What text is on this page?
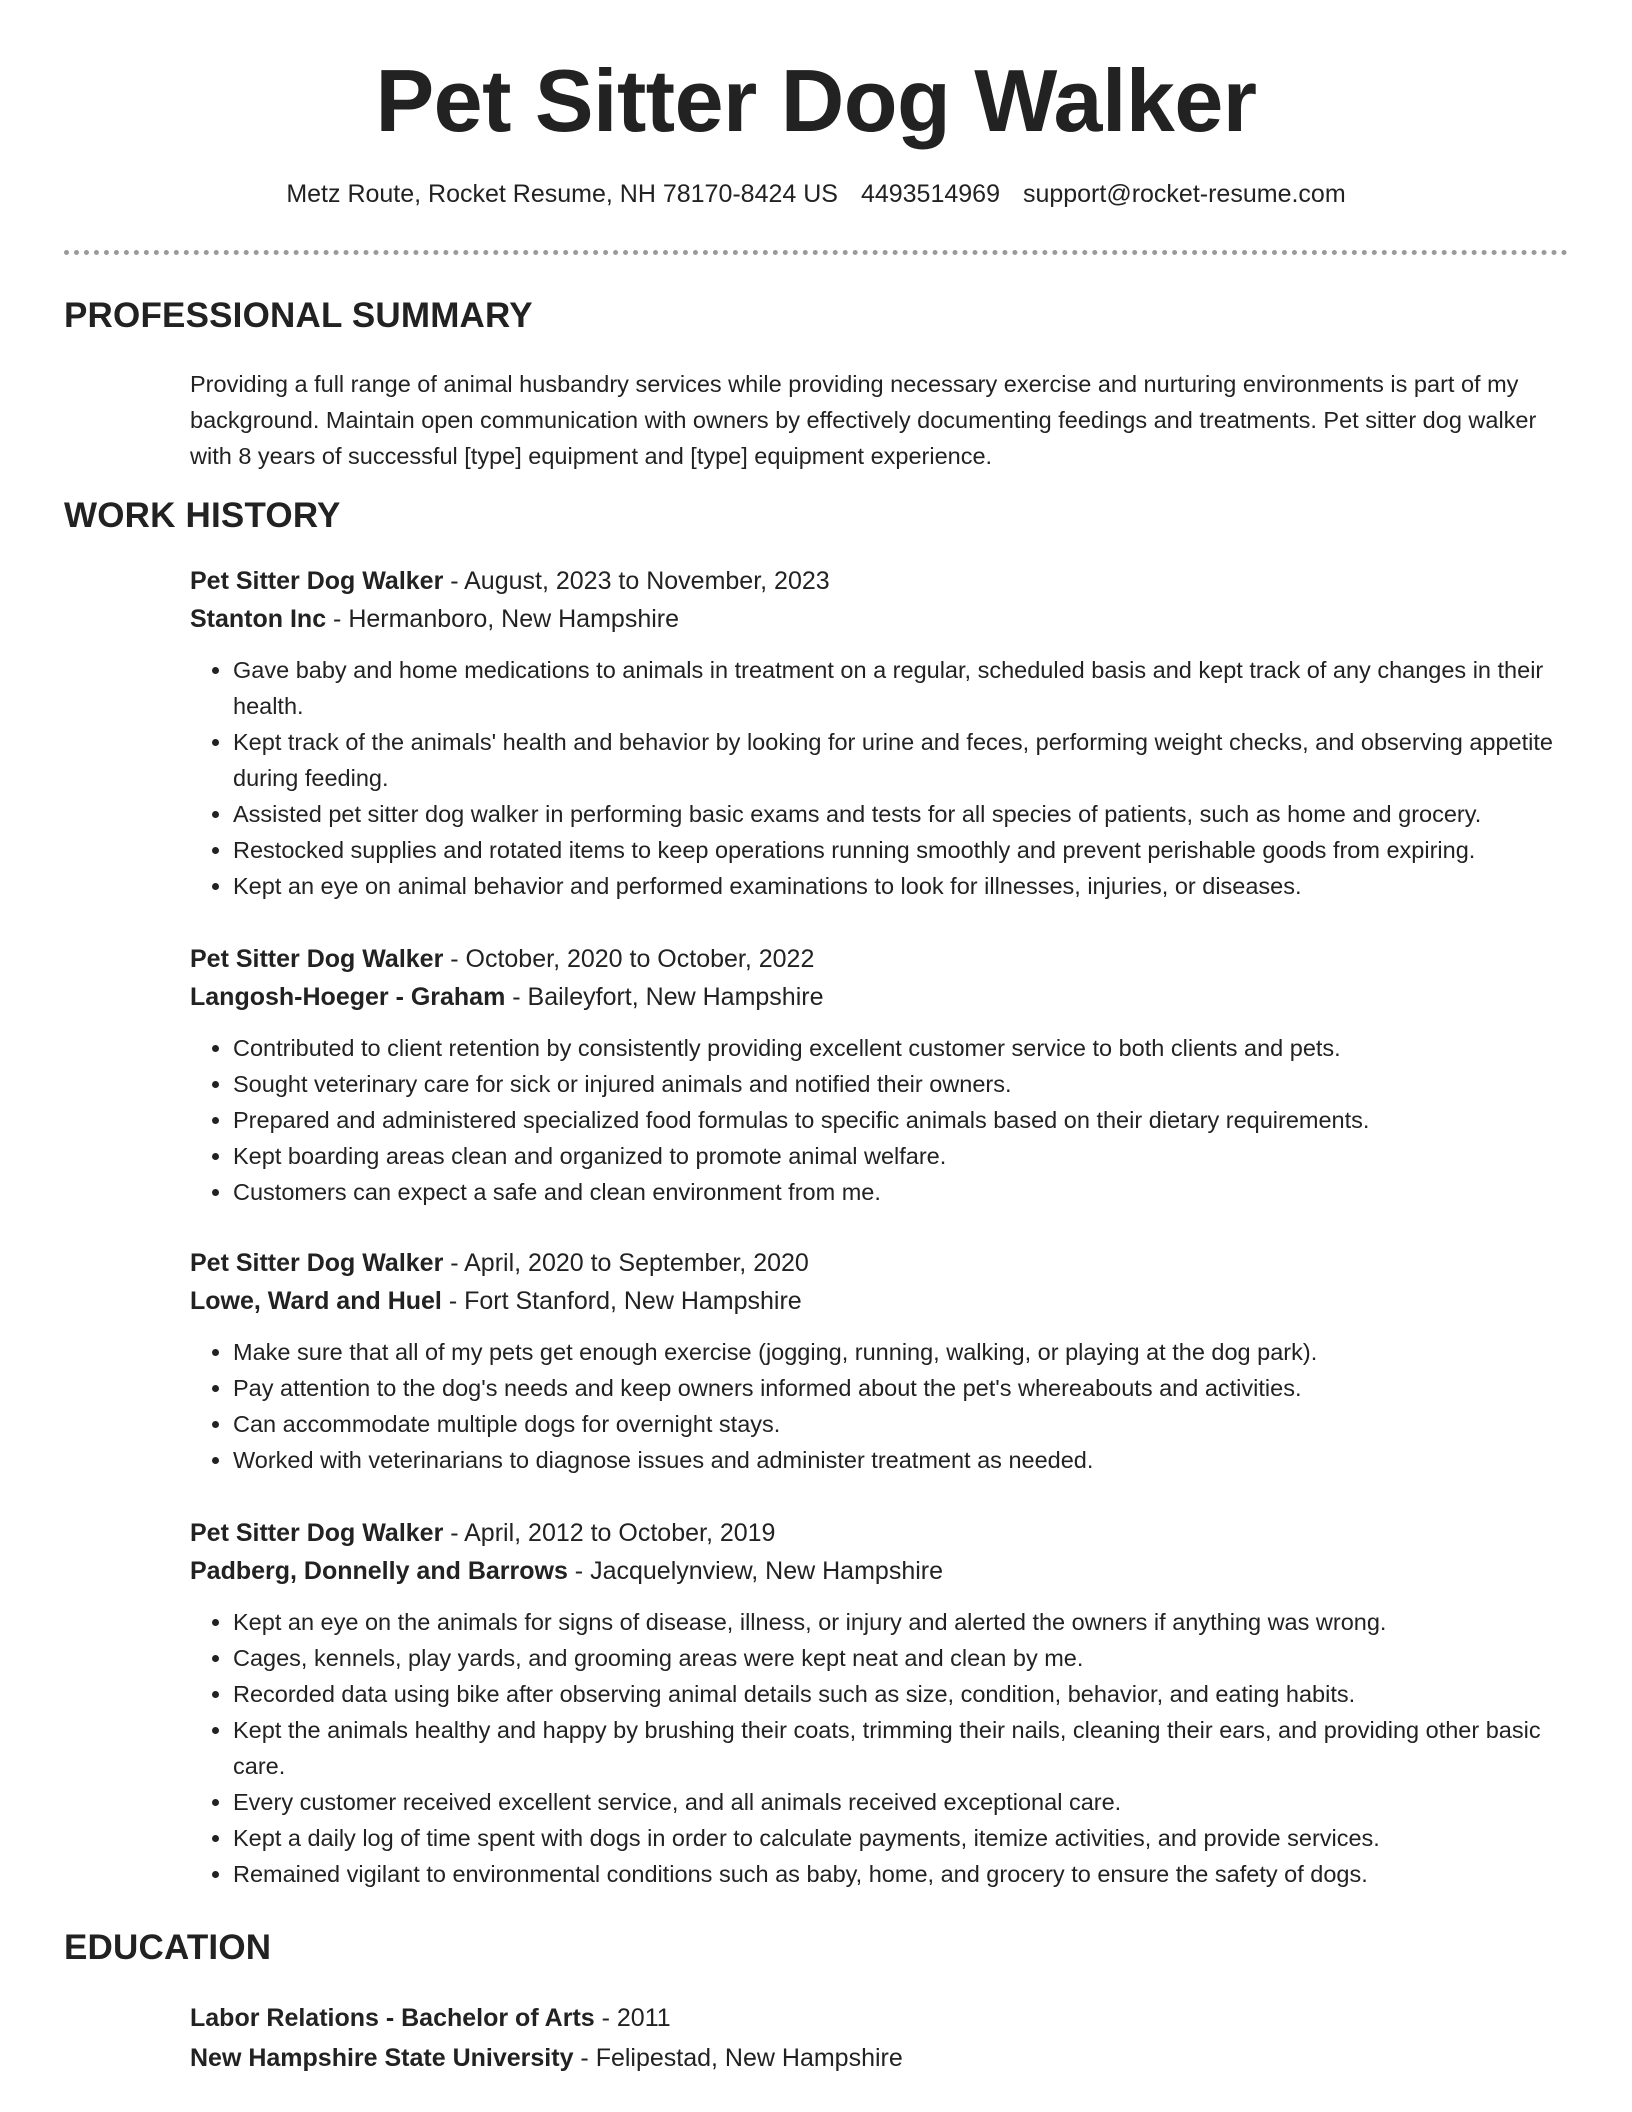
Pet Sitter Dog Walker
Metz Route, Rocket Resume, NH 78170-8424 US 4493514969 support@rocket-resume.com
PROFESSIONAL SUMMARY
Providing a full range of animal husbandry services while providing necessary exercise and nurturing environments is part of my background. Maintain open communication with owners by effectively documenting feedings and treatments. Pet sitter dog walker with 8 years of successful [type] equipment and [type] equipment experience.
WORK HISTORY
Pet Sitter Dog Walker - August, 2023 to November, 2023
Stanton Inc - Hermanboro, New Hampshire
• Gave baby and home medications to animals in treatment on a regular, scheduled basis and kept track of any changes in their health.
• Kept track of the animals' health and behavior by looking for urine and feces, performing weight checks, and observing appetite during feeding.
• Assisted pet sitter dog walker in performing basic exams and tests for all species of patients, such as home and grocery.
• Restocked supplies and rotated items to keep operations running smoothly and prevent perishable goods from expiring.
• Kept an eye on animal behavior and performed examinations to look for illnesses, injuries, or diseases.
Pet Sitter Dog Walker - October, 2020 to October, 2022
Langosh-Hoeger - Graham - Baileyfort, New Hampshire
• Contributed to client retention by consistently providing excellent customer service to both clients and pets.
• Sought veterinary care for sick or injured animals and notified their owners.
• Prepared and administered specialized food formulas to specific animals based on their dietary requirements.
• Kept boarding areas clean and organized to promote animal welfare.
• Customers can expect a safe and clean environment from me.
Pet Sitter Dog Walker - April, 2020 to September, 2020
Lowe, Ward and Huel - Fort Stanford, New Hampshire
• Make sure that all of my pets get enough exercise (jogging, running, walking, or playing at the dog park).
• Pay attention to the dog's needs and keep owners informed about the pet's whereabouts and activities.
• Can accommodate multiple dogs for overnight stays.
• Worked with veterinarians to diagnose issues and administer treatment as needed.
Pet Sitter Dog Walker - April, 2012 to October, 2019
Padberg, Donnelly and Barrows - Jacquelynview, New Hampshire
• Kept an eye on the animals for signs of disease, illness, or injury and alerted the owners if anything was wrong.
• Cages, kennels, play yards, and grooming areas were kept neat and clean by me.
• Recorded data using bike after observing animal details such as size, condition, behavior, and eating habits.
• Kept the animals healthy and happy by brushing their coats, trimming their nails, cleaning their ears, and providing other basic care.
• Every customer received excellent service, and all animals received exceptional care.
• Kept a daily log of time spent with dogs in order to calculate payments, itemize activities, and provide services.
• Remained vigilant to environmental conditions such as baby, home, and grocery to ensure the safety of dogs.
EDUCATION
Labor Relations - Bachelor of Arts - 2011
New Hampshire State University - Felipestad, New Hampshire
